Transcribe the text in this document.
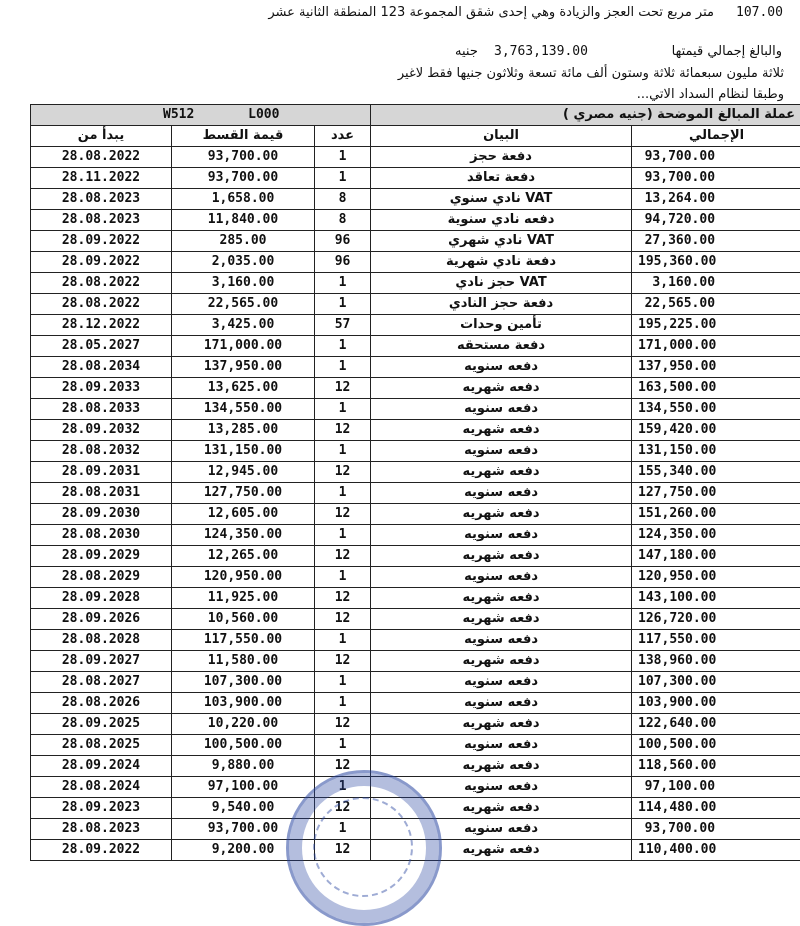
107.00
متر مربع تحت العجز والزيادة وهي إحدى شقق المجموعة 123 المنطقة الثانية عشر
والبالغ إجمالي قيمتها
3,763,139.00
جنيه
ثلاثة مليون سبعمائة ثلاثة وستون ألف مائة تسعة وثلاثون جنيها فقط لاغير
وطبقا لنظام السداد الاتي...
W512 L000			عملة المبالغ الموضحة (جنيه مصري )	
يبدأ من	قيمة القسط	عدد	البيان	الإجمالي
28.08.2022	93,700.00	1	دفعة حجز	93,700.00
28.11.2022	93,700.00	1	دفعة تعاقد	93,700.00
28.08.2023	1,658.00	8	VAT نادي سنوي	13,264.00
28.08.2023	11,840.00	8	دفعه نادي سنوية	94,720.00
28.09.2022	285.00	96	VAT نادي شهري	27,360.00
28.09.2022	2,035.00	96	دفعة نادي شهرية	195,360.00
28.08.2022	3,160.00	1	VAT حجز نادي	3,160.00
28.08.2022	22,565.00	1	دفعة حجز النادي	22,565.00
28.12.2022	3,425.00	57	تأمين وحدات	195,225.00
28.05.2027	171,000.00	1	دفعة مستحقه	171,000.00
28.08.2034	137,950.00	1	دفعه سنويه	137,950.00
28.09.2033	13,625.00	12	دفعه شهريه	163,500.00
28.08.2033	134,550.00	1	دفعه سنويه	134,550.00
28.09.2032	13,285.00	12	دفعه شهريه	159,420.00
28.08.2032	131,150.00	1	دفعه سنويه	131,150.00
28.09.2031	12,945.00	12	دفعه شهريه	155,340.00
28.08.2031	127,750.00	1	دفعه سنويه	127,750.00
28.09.2030	12,605.00	12	دفعه شهريه	151,260.00
28.08.2030	124,350.00	1	دفعه سنويه	124,350.00
28.09.2029	12,265.00	12	دفعه شهريه	147,180.00
28.08.2029	120,950.00	1	دفعه سنويه	120,950.00
28.09.2028	11,925.00	12	دفعه شهريه	143,100.00
28.09.2026	10,560.00	12	دفعه شهريه	126,720.00
28.08.2028	117,550.00	1	دفعه سنويه	117,550.00
28.09.2027	11,580.00	12	دفعه شهريه	138,960.00
28.08.2027	107,300.00	1	دفعه سنويه	107,300.00
28.08.2026	103,900.00	1	دفعه سنويه	103,900.00
28.09.2025	10,220.00	12	دفعه شهريه	122,640.00
28.08.2025	100,500.00	1	دفعه سنويه	100,500.00
28.09.2024	9,880.00	12	دفعه شهريه	118,560.00
28.08.2024	97,100.00	1	دفعه سنويه	97,100.00
28.09.2023	9,540.00	12	دفعه شهريه	114,480.00
28.08.2023	93,700.00	1	دفعه سنويه	93,700.00
28.09.2022	9,200.00	12	دفعه شهريه	110,400.00
